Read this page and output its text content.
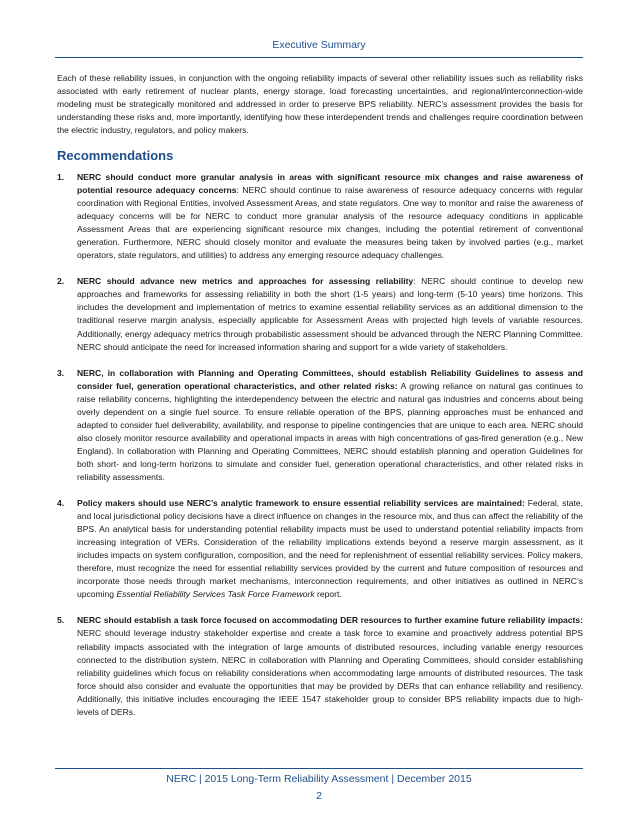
Executive Summary

Each of these reliability issues, in conjunction with the ongoing reliability impacts of several other reliability issues such as reliability risks associated with early retirement of nuclear plants, energy storage, load forecasting uncertainties, and regional/interconnection-wide modeling must be strategically monitored and addressed in order to preserve BPS reliability. NERC’s assessment provides the basis for understanding these risks and, more importantly, identifying how these interdependent trends and challenges require coordination between the electric industry, regulators, and policy makers.

Recommendations
1. NERC should conduct more granular analysis in areas with significant resource mix changes and raise awareness of potential resource adequacy concerns: NERC should continue to raise awareness of resource adequacy concerns with regular coordination with Regional Entities, involved Assessment Areas, and state regulators. One way to monitor and raise the awareness of adequacy concerns will be for NERC to conduct more granular analysis of the resource adequacy conditions in applicable Assessment Areas that are experiencing significant resource mix changes, including the potential retirement of conventional generation. Furthermore, NERC should closely monitor and evaluate the measures being taken by involved parties (e.g., market operators, state regulators, and utilities) to address any emerging resource adequacy challenges.
2. NERC should advance new metrics and approaches for assessing reliability: NERC should continue to develop new approaches and frameworks for assessing reliability in both the short (1-5 years) and long-term (5-10 years) time horizons. This includes the development and implementation of metrics to examine essential reliability services as an additional dimension to the traditional reserve margin analysis, especially applicable for Assessment Areas with projected high levels of variable resources. Additionally, energy adequacy metrics through probabilistic assessment should be advanced through the NERC Planning Committee. NERC should anticipate the need for increased information sharing and support for a wide variety of stakeholders.
3. NERC, in collaboration with Planning and Operating Committees, should establish Reliability Guidelines to assess and consider fuel, generation operational characteristics, and other related risks: A growing reliance on natural gas continues to raise reliability concerns, highlighting the interdependency between the electric and natural gas industries and concerns about being overly dependent on a single fuel source. To ensure reliable operation of the BPS, planning approaches must be enhanced and adapted to consider fuel deliverability, availability, and response to pipeline contingencies that are unique to each area. NERC should also closely monitor resource availability and operational impacts in areas with high concentrations of gas-fired generation (e.g., New England). In collaboration with Planning and Operating Committees, NERC should establish planning and operation Guidelines for both short- and long-term horizons to simulate and consider fuel, generation operational characteristics, and other related risks in reliability assessments.
4. Policy makers should use NERC’s analytic framework to ensure essential reliability services are maintained: Federal, state, and local jurisdictional policy decisions have a direct influence on changes in the resource mix, and thus can affect the reliability of the BPS. An analytical basis for understanding potential reliability impacts must be used to understand potential reliability impacts from increasing integration of VERs. Consideration of the reliability implications extends beyond a reserve margin assessment, as it includes impacts on system configuration, composition, and the need for replenishment of essential reliability services. Policy makers, therefore, must recognize the need for essential reliability services provided by the current and future composition of resources and incorporate those needs through market mechanisms, interconnection requirements, and other initiatives as outlined in NERC’s upcoming Essential Reliability Services Task Force Framework report.
5. NERC should establish a task force focused on accommodating DER resources to further examine future reliability impacts: NERC should leverage industry stakeholder expertise and create a task force to examine and proactively address potential BPS reliability impacts associated with the integration of large amounts of distributed resources, including variable energy resources connected to the distribution system. NERC in collaboration with Planning and Operating Committees, should consider establishing reliability guidelines which focus on reliability considerations when accommodating large amounts of distributed resources. The task force should also consider and evaluate the opportunities that may be provided by DERs that can enhance reliability and resiliency. Additionally, this initiative includes encouraging the IEEE 1547 stakeholder group to consider BPS reliability impacts due to high-levels of DERs.
NERC | 2015 Long-Term Reliability Assessment | December 2015
2
